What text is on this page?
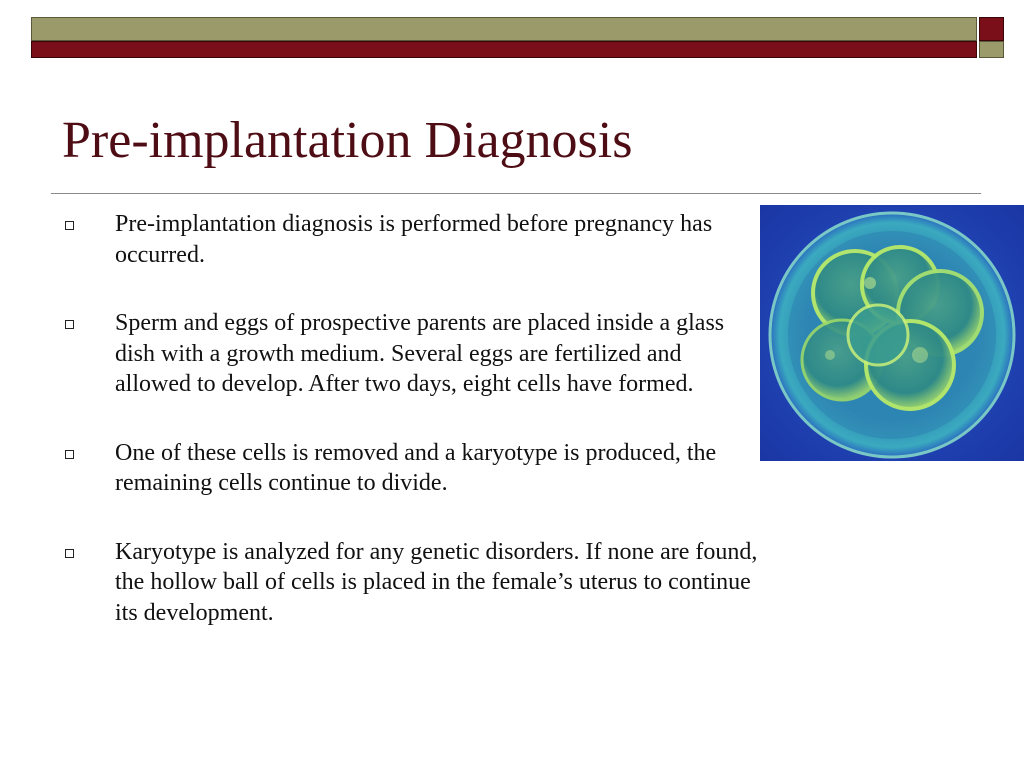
Pre-implantation Diagnosis
Pre-implantation diagnosis is performed before pregnancy has occurred.
Sperm and eggs of prospective parents are placed inside a glass dish with a growth medium. Several eggs are fertilized and allowed to develop. After two days, eight cells have formed.
One of these cells is removed and a karyotype is produced, the remaining cells continue to divide.
Karyotype is analyzed for any genetic disorders. If none are found, the hollow ball of cells is placed in the female’s uterus to continue its development.
